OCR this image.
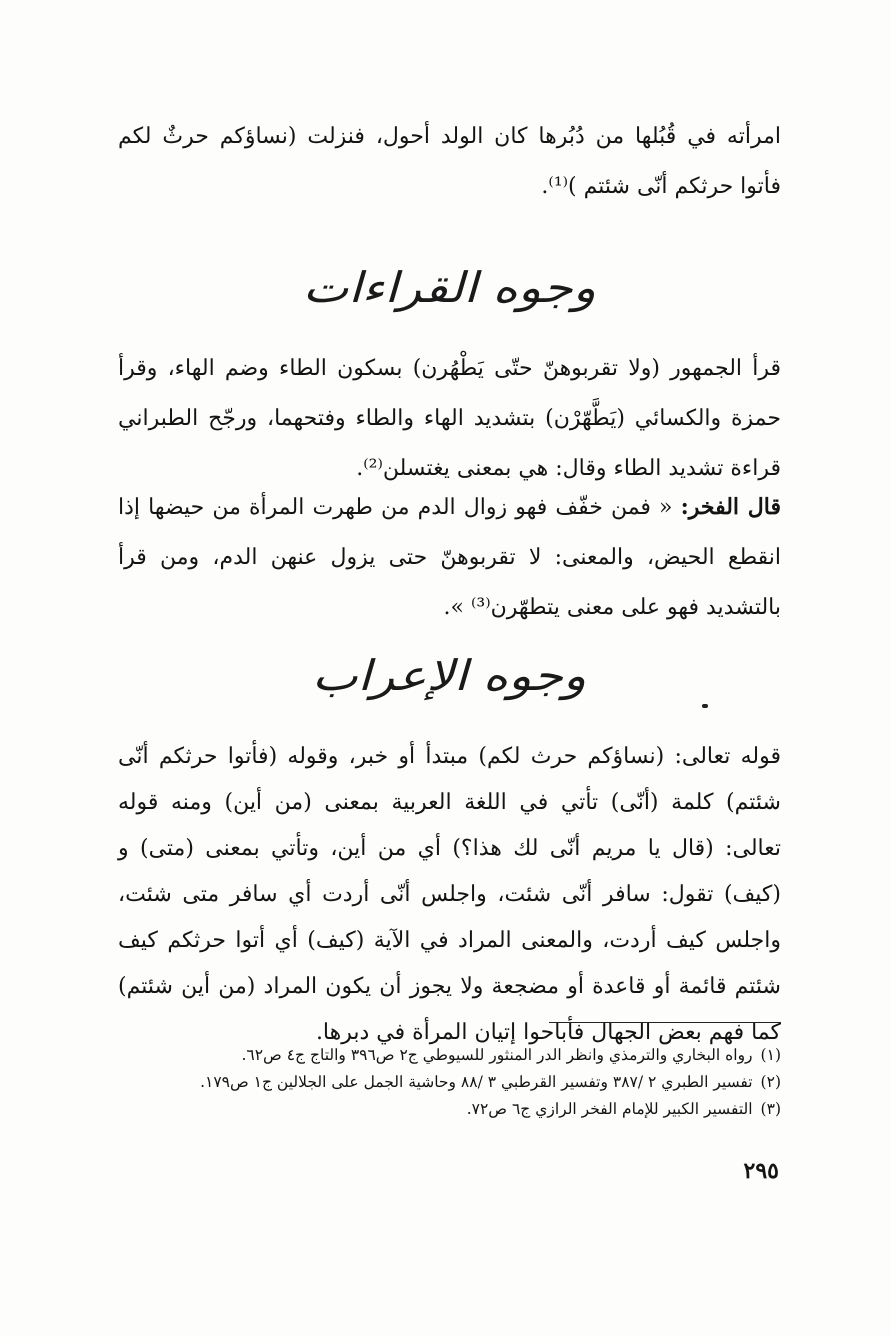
امرأته في قُبُلها من دُبُرها كان الولد أحول، فنزلت (نساؤكم حرثٌ لكم فأتوا حرثكم أنّى شئتم )⁽¹⁾.

وجوه القراءات

قرأ الجمهور (ولا تقربوهنّ حتّى يَطْهُرن) بسكون الطاء وضم الهاء، وقرأ حمزة والكسائي (يَطَّهّرْن) بتشديد الهاء والطاء وفتحهما، ورجّح الطبراني قراءة تشديد الطاء وقال: هي بمعنى يغتسلن⁽²⁾.

قال الفخر: « فمن خفّف فهو زوال الدم من طهرت المرأة من حيضها إذا انقطع الحيض، والمعنى: لا تقربوهنّ حتى يزول عنهن الدم، ومن قرأ بالتشديد فهو على معنى يتطهّرن⁽³⁾ ».

وجوه الإعراب

قوله تعالى: (نساؤكم حرث لكم) مبتدأ أو خبر، وقوله (فأتوا حرثكم أنّى شئتم) كلمة (أنّى) تأتي في اللغة العربية بمعنى (من أين) ومنه قوله تعالى: (قال يا مريم أنّى لك هذا؟) أي من أين، وتأتي بمعنى (متى) و (كيف) تقول: سافر أنّى شئت، واجلس أنّى أردت أي سافر متى شئت، واجلس كيف أردت، والمعنى المراد في الآية (كيف) أي أتوا حرثكم كيف شئتم قائمة أو قاعدة أو مضجعة ولا يجوز أن يكون المراد (من أين شئتم) كما فهم بعض الجهال فأباحوا إتيان المرأة في دبرها.

(١)رواه البخاري والترمذي وانظر الدر المنثور للسيوطي ج٢ ص٣٩٦ والتاج ج٤ ص٦٢.
(٢)تفسير الطبري ٢ /٣٨٧ وتفسير القرطبي ٣ /٨٨ وحاشية الجمل على الجلالين ج١ ص١٧٩.
(٣)التفسير الكبير للإمام الفخر الرازي ج٦ ص٧٢.
٢٩٥
